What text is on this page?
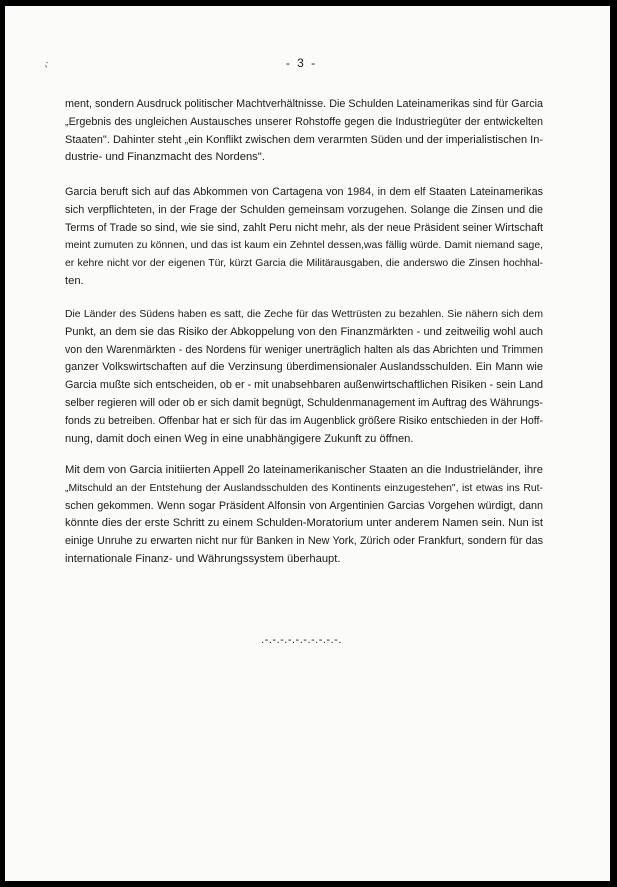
,·	- 3 -

ment, sondern Ausdruck politischer Machtverhältnisse. Die Schulden Lateinamerikas sind für Garcia
„Ergebnis des ungleichen Austausches unserer Rohstoffe gegen die Industriegüter der entwickelten
Staaten". Dahinter steht „ein Konflikt zwischen dem verarmten Süden und der imperialistischen In-
dustrie- und Finanzmacht des Nordens".

Garcia beruft sich auf das Abkommen von Cartagena von 1984, in dem elf Staaten Lateinamerikas
sich verpflichteten, in der Frage der Schulden gemeinsam vorzugehen. Solange die Zinsen und die
Terms of Trade so sind, wie sie sind, zahlt Peru nicht mehr, als der neue Präsident seiner Wirtschaft
meint zumuten zu können, und das ist kaum ein Zehntel dessen,was fällig würde. Damit niemand sage,
er kehre nicht vor der eigenen Tür, kürzt Garcia die Militärausgaben, die anderswo die Zinsen hochhal-
ten.

Die Länder des Südens haben es satt, die Zeche für das Wettrüsten zu bezahlen. Sie nähern sich dem
Punkt, an dem sie das Risiko der Abkoppelung von den Finanzmärkten - und zeitweilig wohl auch
von den Warenmärkten - des Nordens für weniger unerträglich halten als das Abrichten und Trimmen
ganzer Volkswirtschaften auf die Verzinsung überdimensionaler Auslandsschulden. Ein Mann wie
Garcia mußte sich entscheiden, ob er - mit unabsehbaren außenwirtschaftlichen Risiken - sein Land
selber regieren will oder ob er sich damit begnügt, Schuldenmanagement im Auftrag des Währungs-
fonds zu betreiben. Offenbar hat er sich für das im Augenblick größere Risiko entschieden in der Hoff-
nung, damit doch einen Weg in eine unabhängigere Zukunft zu öffnen.

Mit dem von Garcia initiierten Appell 2o lateinamerikanischer Staaten an die Industrieländer, ihre
„Mitschuld an der Entstehung der Auslandsschulden des Kontinents einzugestehen", ist etwas ins Rut-
schen gekommen. Wenn sogar Präsident Alfonsin von Argentinien Garcias Vorgehen würdigt, dann
könnte dies der erste Schritt zu einem Schulden-Moratorium unter anderem Namen sein. Nun ist
einige Unruhe zu erwarten nicht nur für Banken in New York, Zürich oder Frankfurt, sondern für das
internationale Finanz- und Währungssystem überhaupt.

.-.-.-.-.-.-.-.-.-.-.
